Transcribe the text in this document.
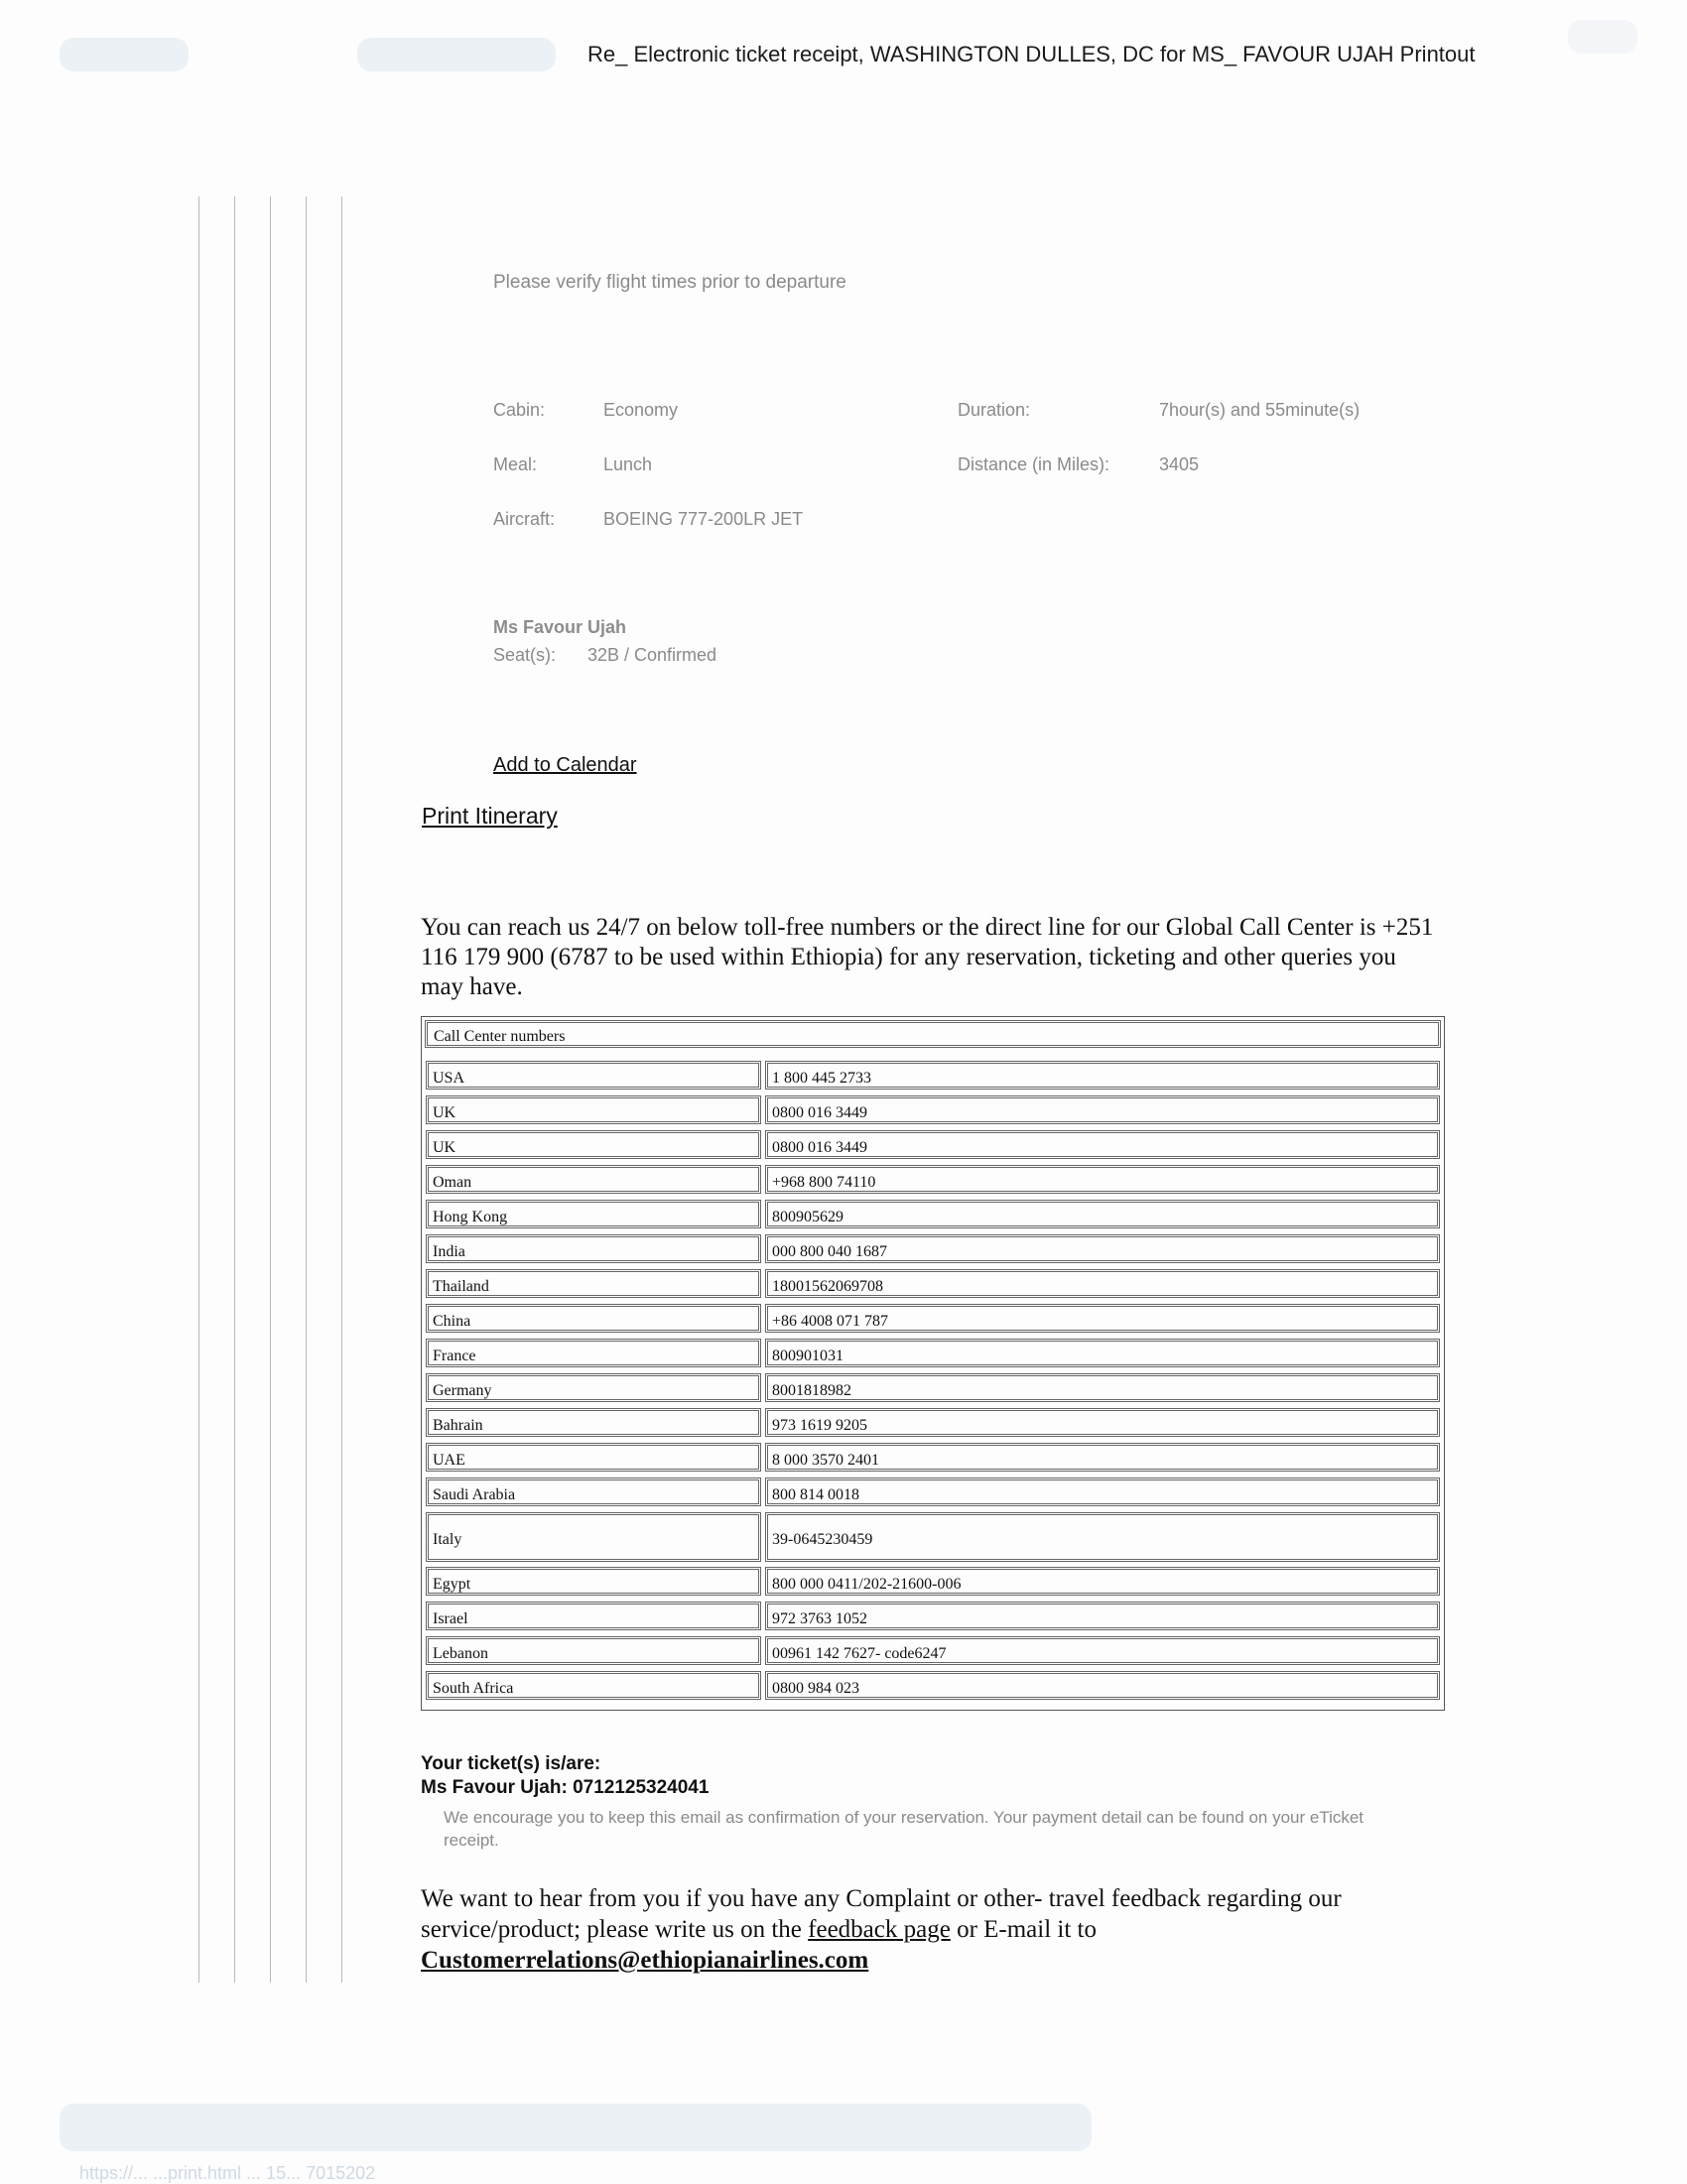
Re_ Electronic ticket receipt, WASHINGTON DULLES, DC for MS_ FAVOUR UJAH Printout
Please verify flight times prior to departure
Cabin:	Economy	Duration:	7hour(s) and 55minute(s)
Meal:	Lunch	Distance (in Miles):	3405
Aircraft:	BOEING 777-200LR JET
Ms Favour Ujah
Seat(s): 32B / Confirmed
Add to Calendar
Print Itinerary
You can reach us 24/7 on below toll-free numbers or the direct line for our Global Call Center is +251 116 179 900 (6787 to be used within Ethiopia) for any reservation, ticketing and other queries you may have.
Call Center numbers
USA	1 800 445 2733
UK	0800 016 3449
UK	0800 016 3449
Oman	+968 800 74110
Hong Kong	800905629
India	000 800 040 1687
Thailand	18001562069708
China	+86 4008 071 787
France	800901031
Germany	8001818982
Bahrain	973 1619 9205
UAE	8 000 3570 2401
Saudi Arabia	800 814 0018
Italy	39-0645230459
Egypt	800 000 0411/202-21600-006
Israel	972 3763 1052
Lebanon	00961 142 7627- code6247
South Africa	0800 984 023
Your ticket(s) is/are:
Ms Favour Ujah: 0712125324041
We encourage you to keep this email as confirmation of your reservation. Your payment detail can be found on your eTicket receipt.
We want to hear from you if you have any Complaint or other- travel feedback regarding our service/product; please write us on the feedback page or E-mail it to
Customerrelations@ethiopianairlines.com
https://... ...print.html ... 15... 7015202
